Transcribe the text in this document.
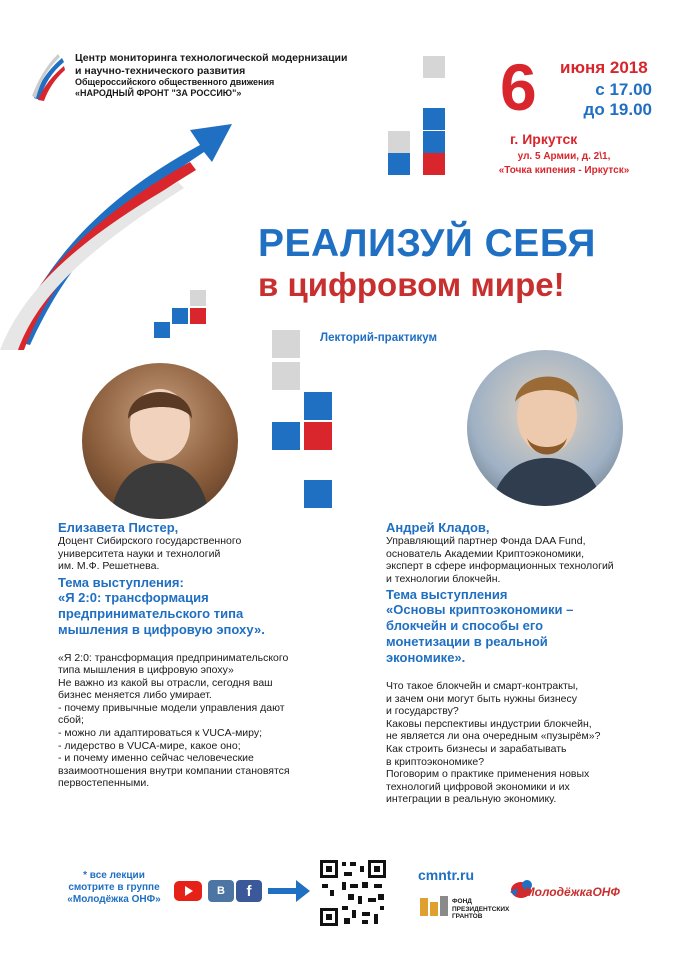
Центр мониторинга технологической модернизации
и научно-технического развития
Общероссийского общественного движения
«НАРОДНЫЙ ФРОНТ "ЗА РОССИЮ"»	6 июня 2018
с 17.00
до 19.00
г. Иркутск
ул. 5 Армии, д. 2\1,
«Точка кипения - Иркутск»
РЕАЛИЗУЙ СЕБЯ
в цифровом мире!
Лекторий-практикум
Елизавета Пистер,
Доцент Сибирского государственного
университета науки и технологий
им. М.Ф. Решетнева.
Тема выступления:
«Я 2:0: трансформация
предпринимательского типа
мышления в цифровую эпоху».
«Я 2:0: трансформация предпринимательского
типа мышления в цифровую эпоху»
Не важно из какой вы отрасли, сегодня ваш
бизнес меняется либо умирает.
- почему привычные модели управления дают
сбой;
- можно ли адаптироваться к VUCA-миру;
- лидерство в VUCA-мире, какое оно;
- и почему именно сейчас человеческие
взаимоотношения внутри компании становятся
первостепенными.
Андрей Кладов,
Управляющий партнер Фонда DAA Fund,
основатель Академии Криптоэкономики,
эксперт в сфере информационных технологий
и технологии блокчейн.
Тема выступления
«Основы криптоэкономики –
блокчейн и способы его
монетизации в реальной
экономике».
Что такое блокчейн и смарт-контракты,
и зачем они могут быть нужны бизнесу
и государству?
Каковы перспективы индустрии блокчейн,
не является ли она очередным «пузырём»?
Как строить бизнесы и зарабатывать
в криптоэкономике?
Поговорим о практике применения новых
технологий цифровой экономики и их
интеграции в реальную экономику.
* все лекции
смотрите в группе
«Молодёжка ОНФ»
В	f
cmntr.ru
ФОНД
ПРЕЗИДЕНТСКИХ
ГРАНТОВ
#МолодёжкаОНФ
